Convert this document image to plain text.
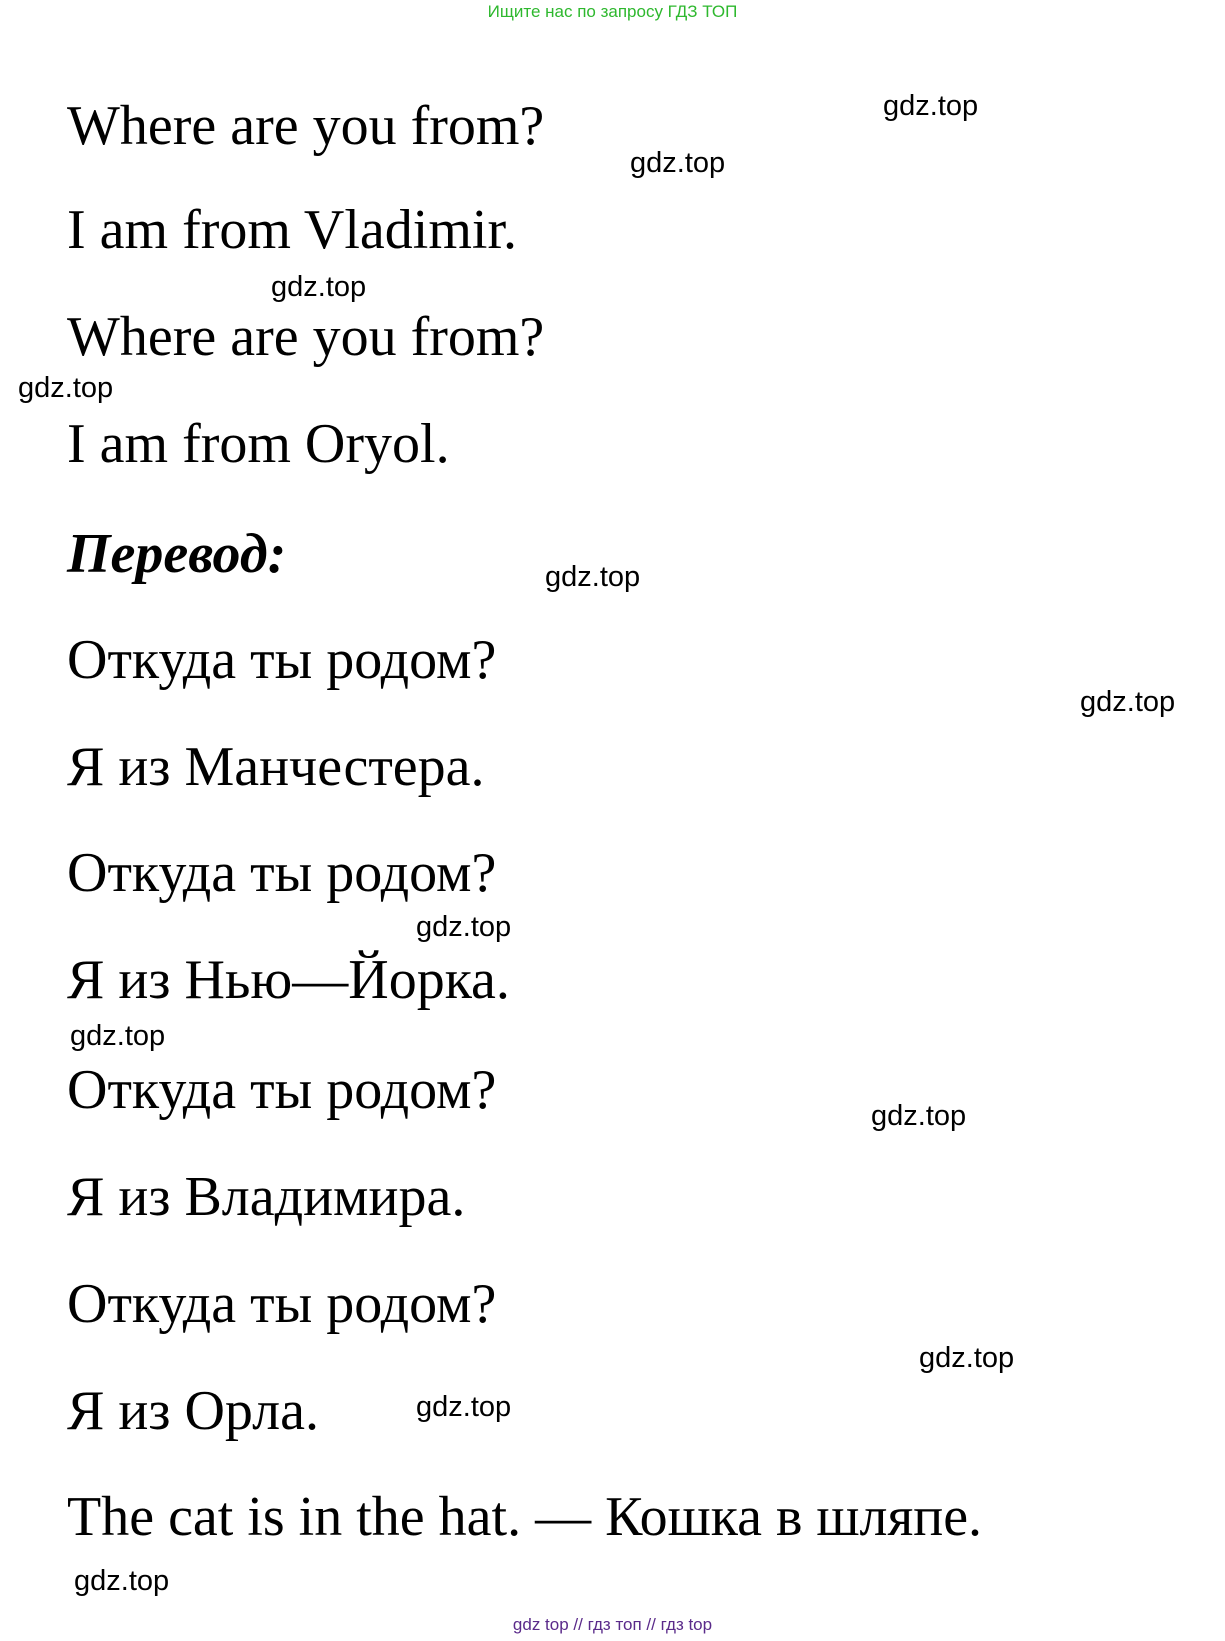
Ищите нас по запросу ГДЗ ТОП
Where are you from?
I am from Vladimir.
Where are you from?
I am from Oryol.
Перевод:
Откуда ты родом?
Я из Манчестера.
Откуда ты родом?
Я из Нью—Йорка.
Откуда ты родом?
Я из Владимира.
Откуда ты родом?
Я из Орла.
The cat is in the hat. — Кошка в шляпе.
gdz.top
gdz.top
gdz.top
gdz.top
gdz.top
gdz.top
gdz.top
gdz.top
gdz.top
gdz.top
gdz.top
gdz.top
gdz top // гдз топ // гдз top
